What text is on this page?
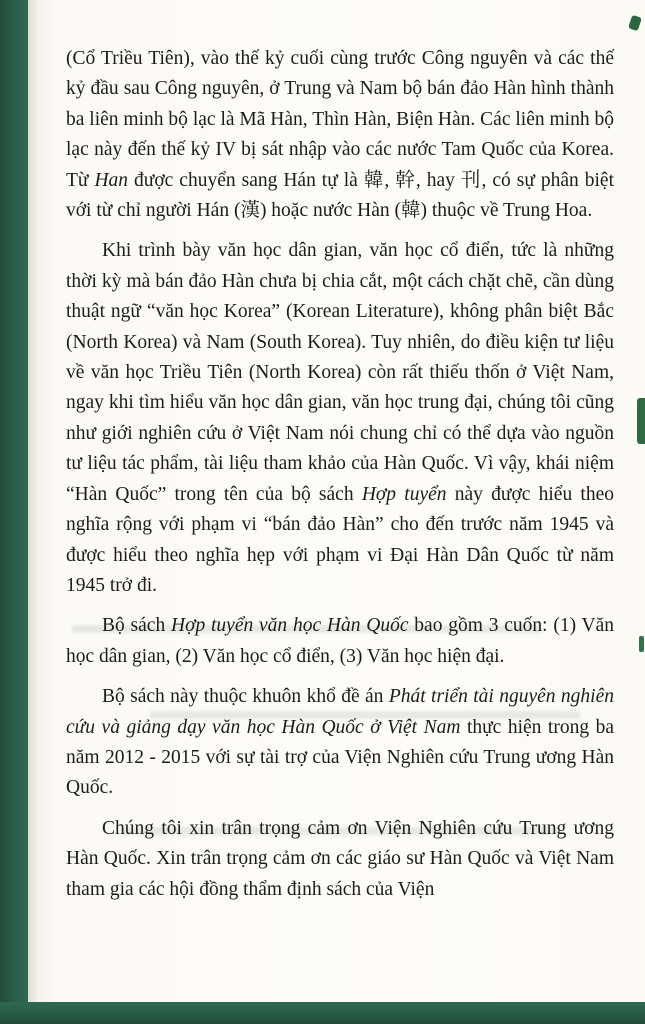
(Cổ Triều Tiên), vào thế kỷ cuối cùng trước Công nguyên và các thế kỷ đầu sau Công nguyên, ở Trung và Nam bộ bán đảo Hàn hình thành ba liên minh bộ lạc là Mã Hàn, Thìn Hàn, Biện Hàn. Các liên minh bộ lạc này đến thế kỷ IV bị sát nhập vào các nước Tam Quốc của Korea. Từ Han được chuyển sang Hán tự là 韓, 幹, hay 刊, có sự phân biệt với từ chỉ người Hán (漢) hoặc nước Hàn (韓) thuộc về Trung Hoa.

Khi trình bày văn học dân gian, văn học cổ điển, tức là những thời kỳ mà bán đảo Hàn chưa bị chia cắt, một cách chặt chẽ, cần dùng thuật ngữ “văn học Korea” (Korean Literature), không phân biệt Bắc (North Korea) và Nam (South Korea). Tuy nhiên, do điều kiện tư liệu về văn học Triều Tiên (North Korea) còn rất thiếu thốn ở Việt Nam, ngay khi tìm hiểu văn học dân gian, văn học trung đại, chúng tôi cũng như giới nghiên cứu ở Việt Nam nói chung chỉ có thể dựa vào nguồn tư liệu tác phẩm, tài liệu tham khảo của Hàn Quốc. Vì vậy, khái niệm “Hàn Quốc” trong tên của bộ sách Hợp tuyển này được hiểu theo nghĩa rộng với phạm vi “bán đảo Hàn” cho đến trước năm 1945 và được hiểu theo nghĩa hẹp với phạm vi Đại Hàn Dân Quốc từ năm 1945 trở đi.

Bộ sách Hợp tuyển văn học Hàn Quốc bao gồm 3 cuốn: (1) Văn học dân gian, (2) Văn học cổ điển, (3) Văn học hiện đại.

Bộ sách này thuộc khuôn khổ đề án Phát triển tài nguyên nghiên cứu và giảng dạy văn học Hàn Quốc ở Việt Nam thực hiện trong ba năm 2012 - 2015 với sự tài trợ của Viện Nghiên cứu Trung ương Hàn Quốc.

Chúng tôi xin trân trọng cảm ơn Viện Nghiên cứu Trung ương Hàn Quốc. Xin trân trọng cảm ơn các giáo sư Hàn Quốc và Việt Nam tham gia các hội đồng thẩm định sách của Viện
